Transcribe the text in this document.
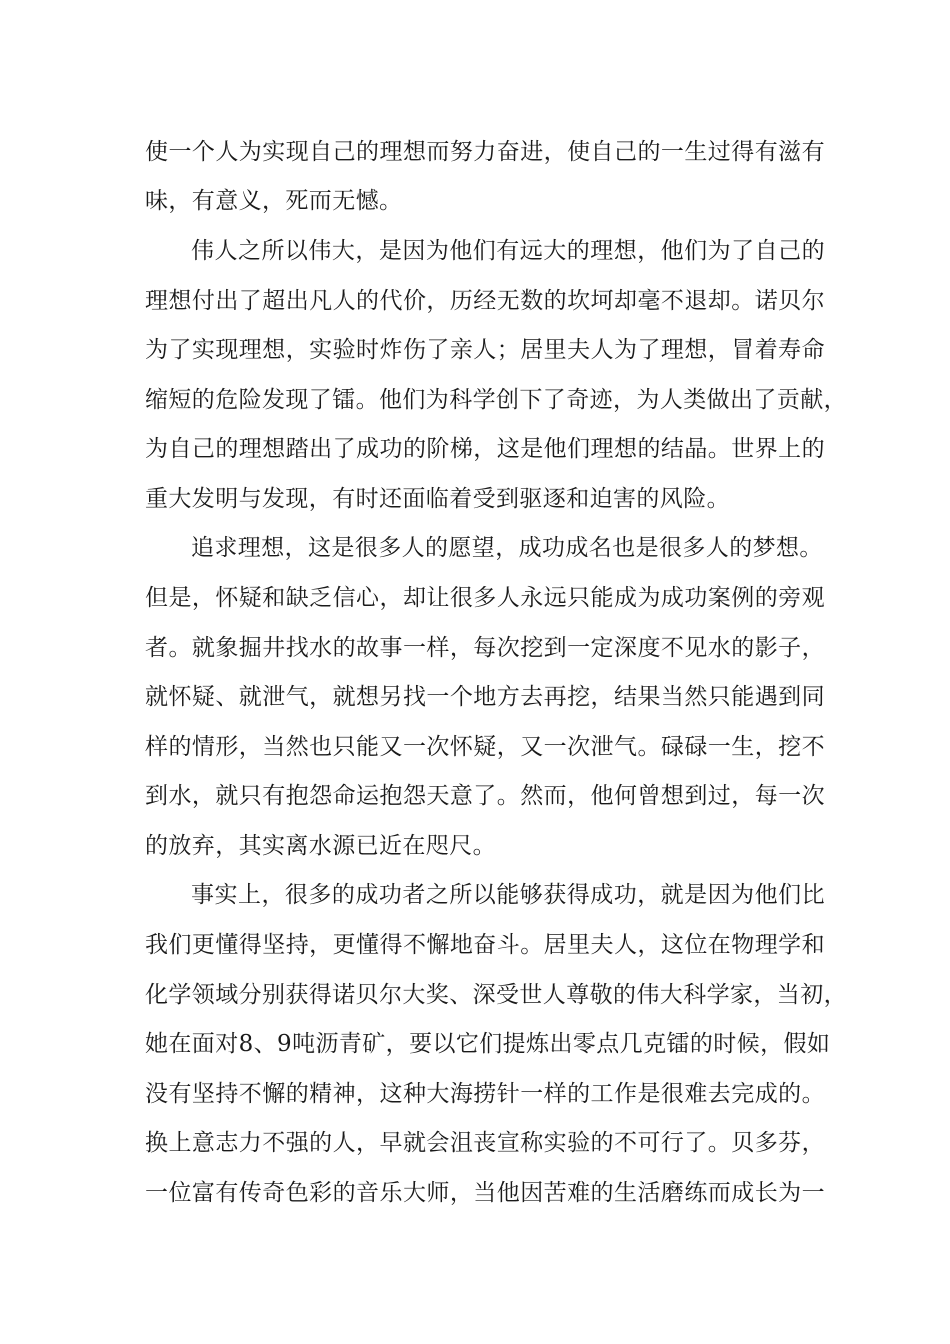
使一个人为实现自己的理想而努力奋进，使自己的一生过得有滋有
味，有意义，死而无憾。
伟人之所以伟大，是因为他们有远大的理想，他们为了自己的
理想付出了超出凡人的代价，历经无数的坎坷却毫不退却。诺贝尔
为了实现理想，实验时炸伤了亲人；居里夫人为了理想，冒着寿命
缩短的危险发现了镭。他们为科学创下了奇迹，为人类做出了贡献，
为自己的理想踏出了成功的阶梯，这是他们理想的结晶。世界上的
重大发明与发现，有时还面临着受到驱逐和迫害的风险。
追求理想，这是很多人的愿望，成功成名也是很多人的梦想。
但是，怀疑和缺乏信心，却让很多人永远只能成为成功案例的旁观
者。就象掘井找水的故事一样，每次挖到一定深度不见水的影子，
就怀疑、就泄气，就想另找一个地方去再挖，结果当然只能遇到同
样的情形，当然也只能又一次怀疑，又一次泄气。碌碌一生，挖不
到水，就只有抱怨命运抱怨天意了。然而，他何曾想到过，每一次
的放弃，其实离水源已近在咫尺。
事实上，很多的成功者之所以能够获得成功，就是因为他们比
我们更懂得坚持，更懂得不懈地奋斗。居里夫人，这位在物理学和
化学领域分别获得诺贝尔大奖、深受世人尊敬的伟大科学家，当初，
她在面对8、9吨沥青矿，要以它们提炼出零点几克镭的时候，假如
没有坚持不懈的精神，这种大海捞针一样的工作是很难去完成的。
换上意志力不强的人，早就会沮丧宣称实验的不可行了。贝多芬，
一位富有传奇色彩的音乐大师，当他因苦难的生活磨练而成长为一
